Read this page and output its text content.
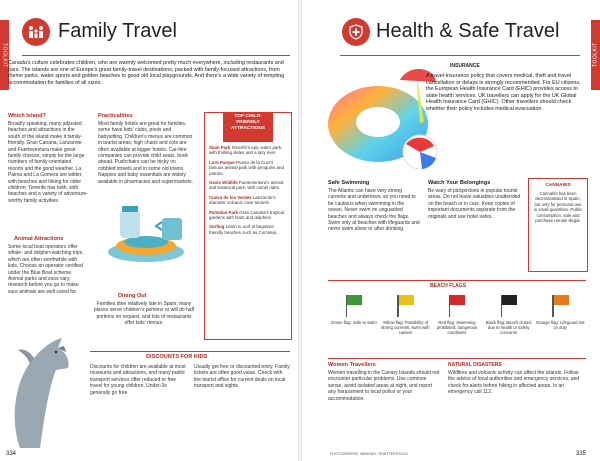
TOOLKIT
Family Travel
Canada's culture celebrates children, who are warmly welcomed pretty much everywhere, including restaurants and bars. The islands are one of Europe's great family-travel destinations, packed with family-focused attractions, from theme parks, water sports and golden beaches to good old local playgrounds. And there's a wide variety of tempting accommodation for families of all sizes.
Which Island?
Broadly speaking, many adjusted beaches and attractions in the south of the island make it family-friendly. Gran Canaria, Lanzarote and Fuerteventura make great family choices, simply for the large numbers of family-orientated resorts and the good weather. La Palma and La Gomera are wilder, with beaches and hiking for older children; Tenerife has both, with beaches and a variety of adventure-worthy family activities.
Practicalities
Most family hotels are great for families, some have kids' clubs, pools and babysitting. Children's menus are common in tourist areas; high chairs and cots are often available at bigger hotels. Car-hire companies can provide child seats, book ahead. Pushchairs can be tricky on cobbled streets and in some old towns. Nappies and baby essentials are widely available in pharmacies and supermarkets.
TOP CHILD-FRIENDLY ATTRACTIONS
Siam Park Tenerife's epic water park, with thrilling slides and a lazy river.
Loro Parque Puerto de la Cruz's famous animal park with penguins and parrots.
Oasis Wildlife Fuerteventura's animal and botanical park, with camel rides.
Cueva de los Verdes Lanzarote's dramatic volcanic cave tunnels.
Palmitos Park Gran Canaria's tropical gardens with birds and dolphins.
Surfing Learn to surf at beginner-friendly beaches such as Corralejo.
Animal Attractions
Some local boat operators offer whale- and dolphin-watching trips, which are often worthwhile with kids. Choose an operator certified under the Blue Boat scheme. Animal parks and zoos vary; research before you go to make sure animals are well cared for.
Dining Out
Families dine relatively late in Spain; many places serve children's portions or will do half portions on request, and lots of restaurants offer kids' menus.
DISCOUNTS FOR KIDS
Discounts for children are available at most museums and attractions, and many public transport services offer reduced or free travel for young children. Under-3s generally go free.
Usually get free or discounted entry. Family tickets are often good value. Check with the tourist office for current deals on local transport and sights.
334
Health & Safe Travel
INSURANCE
A travel-insurance policy that covers medical, theft and travel cancellation or delays is strongly recommended. For EU citizens, the European Health Insurance Card (EHIC) provides access to state health services. UK travellers can apply for the UK Global Health Insurance Card (GHIC). Other travellers should check whether their policy includes medical evacuation.
Safe Swimming
The Atlantic can have very strong currents and undertows, so you need to be cautious when swimming in the ocean. Never swim on unguarded beaches and always check the flags. Swim only at beaches with lifeguards and never swim alone or after drinking.
Watch Your Belongings
Be wary of pickpockets in popular tourist areas. Do not leave valuables unattended on the beach or in cars. Keep copies of important documents separate from the originals and use hotel safes.
CANNABIS
Cannabis has been decriminalised in Spain, but only for personal use in small quantities. Public consumption, sale and purchase remain illegal.
BEACH FLAGS
Green flag: Safe to swim	Yellow flag: Possibility of strong currents; swim with caution
Red flag: Swimming prohibited; dangerous conditions
Black flag: Beach closed due to health or safety concerns
Orange flag: Lifeguard not on duty
Women Travellers
Women travelling in the Canary Islands should not encounter particular problems. Use common sense, avoid isolated areas at night, and report any harassment to local police or your accommodation.
NATURAL DISASTERS
Wildfires and volcanic activity can affect the islands. Follow the advice of local authorities and emergency services, and check for alerts before hiking in affected areas. In an emergency call 112.
PHOTOGRAPHS: VARIOUS / SHUTTERSTOCK	335
TOOLKIT
